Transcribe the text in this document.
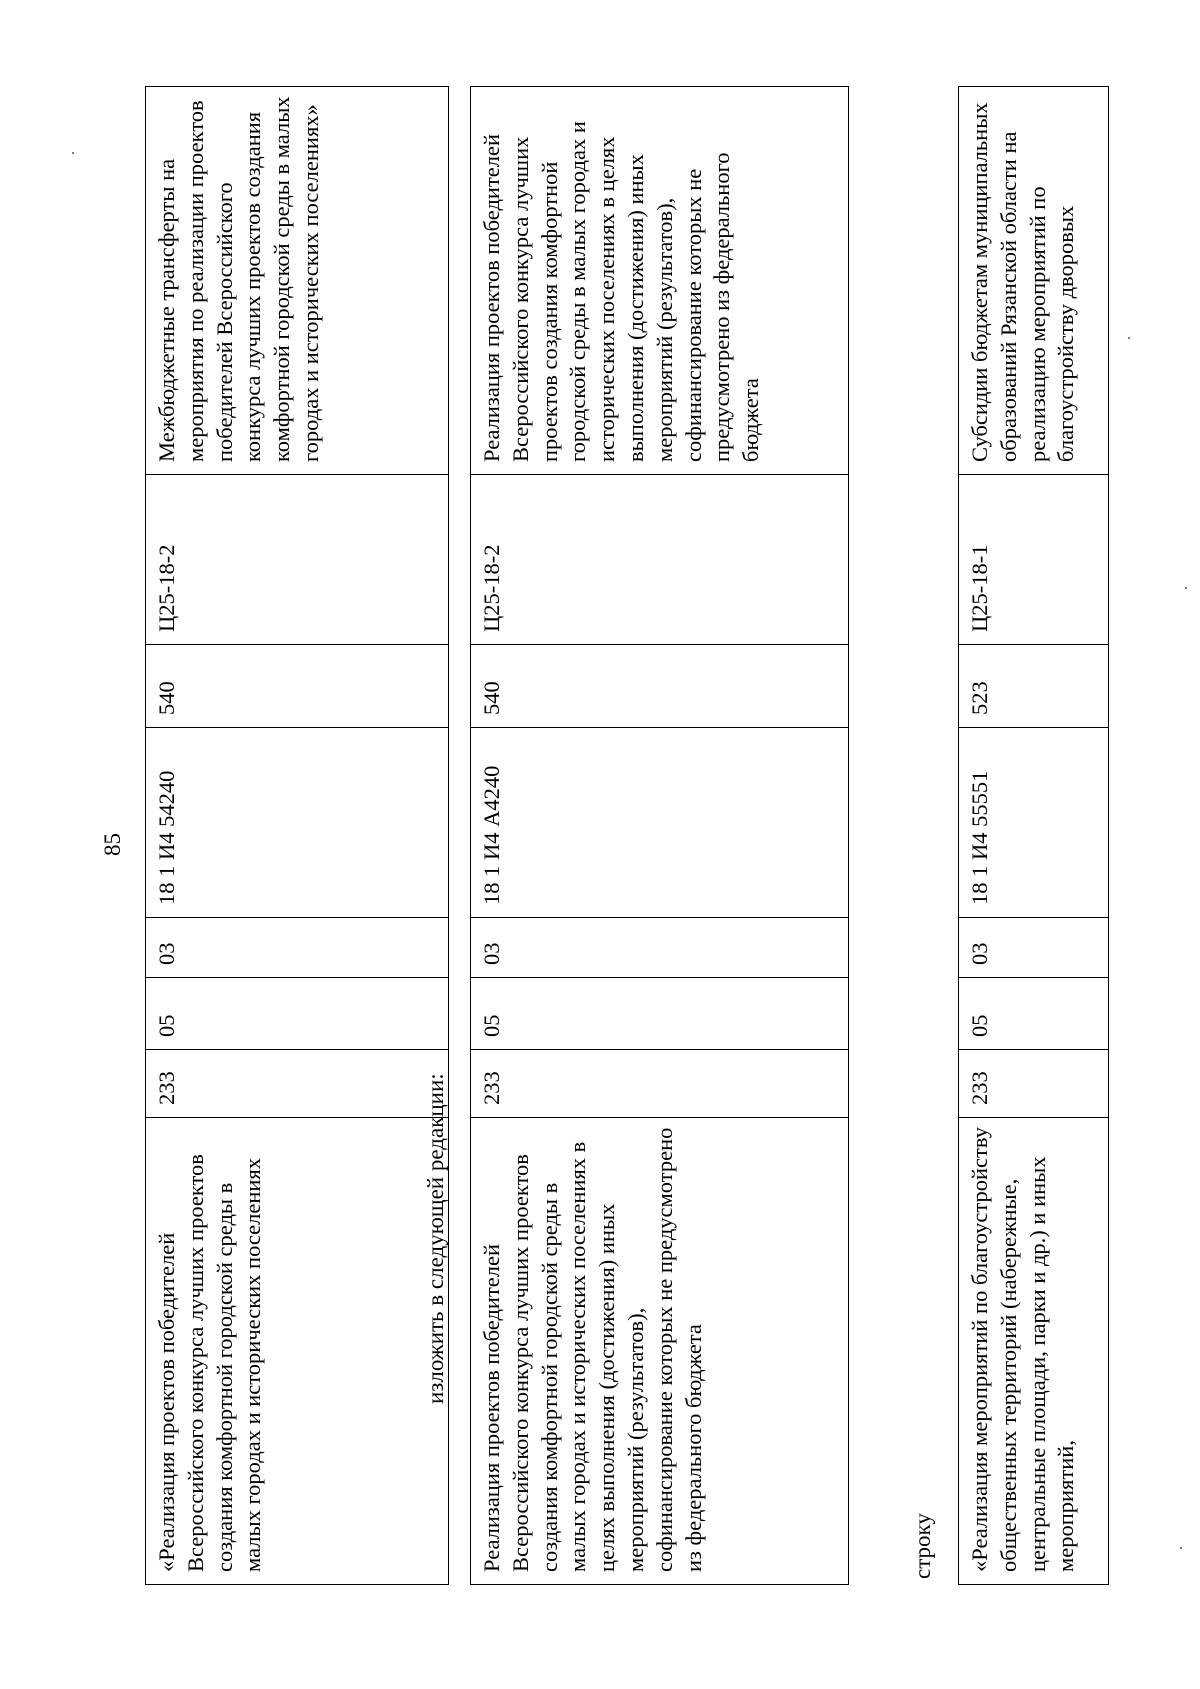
85
«Реализация проектов победителей Всероссийского конкурса лучших проектов создания комфортной городской среды в малых городах и исторических поселениях	233	05	03	18 1 И4 54240	540	Ц25-18-2	Межбюджетные трансферты на мероприятия по реализации проектов победителей Всероссийского конкурса лучших проектов создания комфортной городской среды в малых городах и исторических поселениях»
изложить в следующей редакции:
Реализация проектов победителей Всероссийского конкурса лучших проектов создания комфортной городской среды в малых городах и исторических поселениях в целях выполнения (достижения) иных мероприятий (результатов), софинансирование которых не предусмотрено из федерального бюджета	233	05	03	18 1 И4 А4240	540	Ц25-18-2	Реализация проектов победителей Всероссийского конкурса лучших проектов создания комфортной городской среды в малых городах и исторических поселениях в целях выполнения (достижения) иных мероприятий (результатов), софинансирование которых не предусмотрено из федерального бюджета
строку «Реализация мероприятий по благоустройству общественных территорий (набережные, центральные площади, парки и др.) и иных мероприятий,	233	05	03	18 1 И4 55551	523	Ц25-18-1	Субсидии бюджетам муниципальных образований Рязанской области на реализацию мероприятий по благоустройству дворовых
